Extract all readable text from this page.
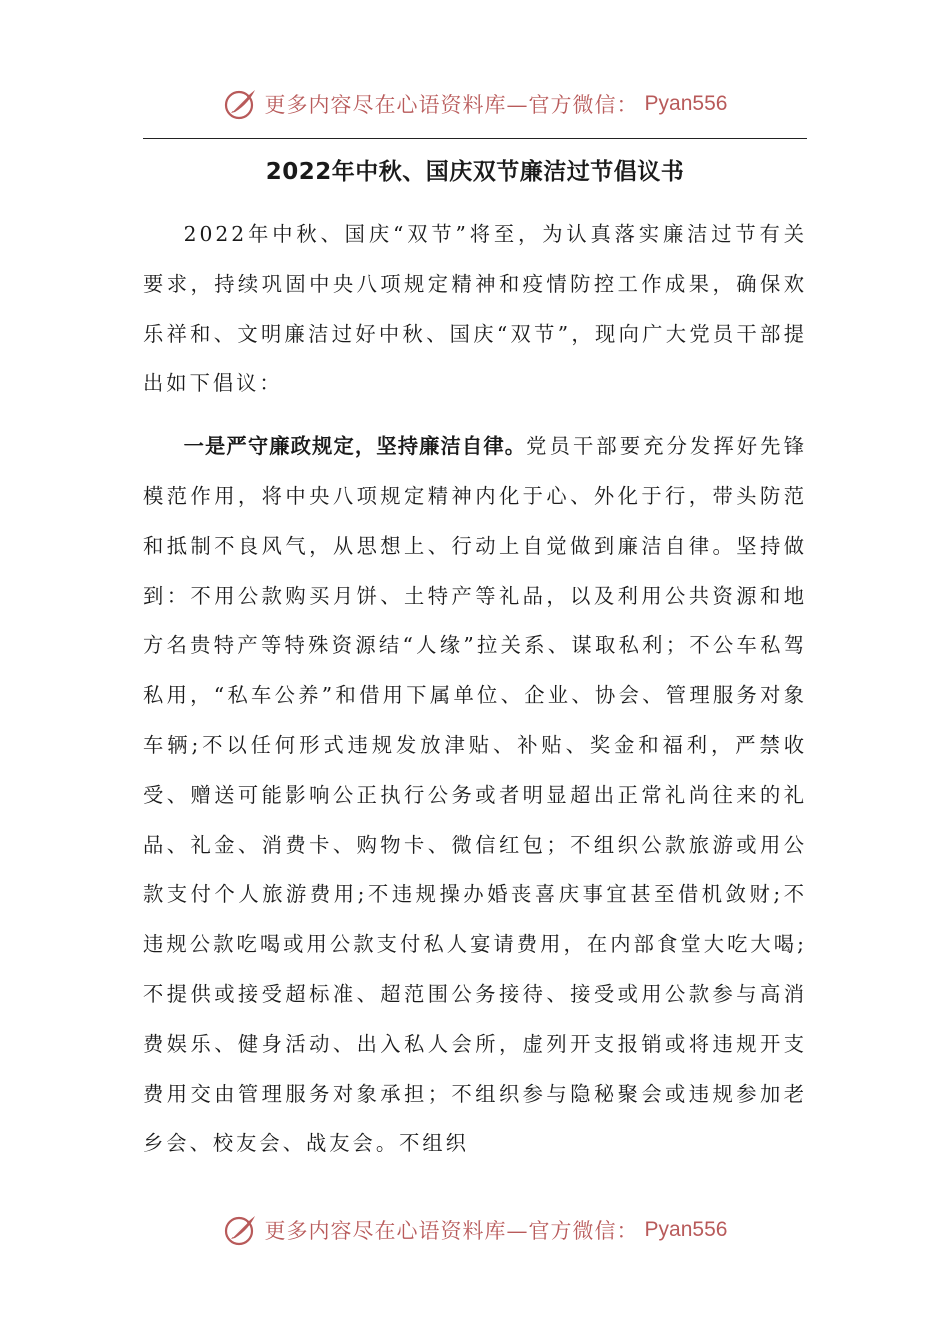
更多内容尽在心语资料库—官方微信： Pyan556
2022年中秋、国庆双节廉洁过节倡议书

2022年中秋、国庆“双节”将至，为认真落实廉洁过节有关要求，持续巩固中央八项规定精神和疫情防控工作成果，确保欢乐祥和、文明廉洁过好中秋、国庆“双节”，现向广大党员干部提出如下倡议：

一是严守廉政规定，坚持廉洁自律。党员干部要充分发挥好先锋模范作用，将中央八项规定精神内化于心、外化于行，带头防范和抵制不良风气，从思想上、行动上自觉做到廉洁自律。坚持做到：不用公款购买月饼、土特产等礼品，以及利用公共资源和地方名贵特产等特殊资源结“人缘”拉关系、谋取私利；不公车私驾私用，“私车公养”和借用下属单位、企业、协会、管理服务对象车辆;不以任何形式违规发放津贴、补贴、奖金和福利，严禁收受、赠送可能影响公正执行公务或者明显超出正常礼尚往来的礼品、礼金、消费卡、购物卡、微信红包；不组织公款旅游或用公款支付个人旅游费用;不违规操办婚丧喜庆事宜甚至借机敛财;不违规公款吃喝或用公款支付私人宴请费用，在内部食堂大吃大喝;不提供或接受超标准、超范围公务接待、接受或用公款参与高消费娱乐、健身活动、出入私人会所，虚列开支报销或将违规开支费用交由管理服务对象承担；不组织参与隐秘聚会或违规参加老乡会、校友会、战友会。不组织

更多内容尽在心语资料库—官方微信： Pyan556
